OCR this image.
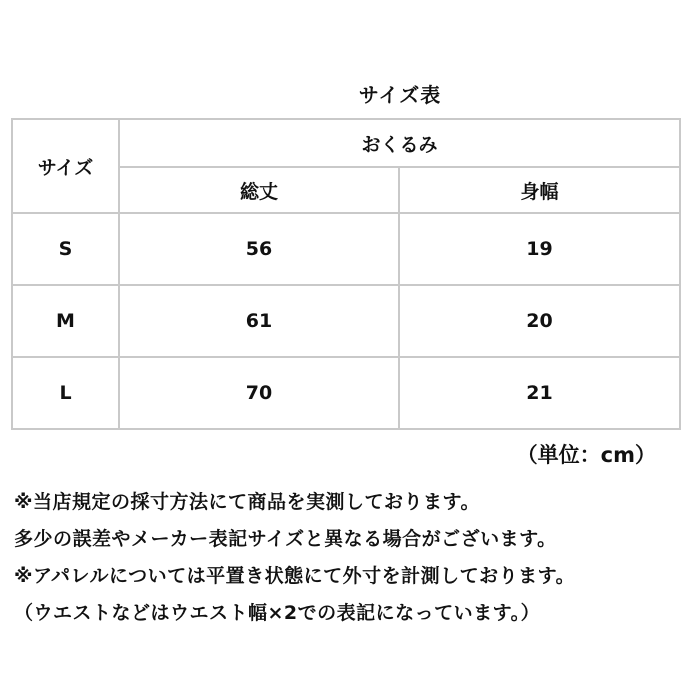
サイズ表
サイズ	おくるみ	
	総丈	身幅
S	56	19
M	61	20
L	70	21
（単位：cm）
※当店規定の採寸方法にて商品を実測しております。
多少の誤差やメーカー表記サイズと異なる場合がございます。
※アパレルについては平置き状態にて外寸を計測しております。
（ウエストなどはウエスト幅×2での表記になっています。）
